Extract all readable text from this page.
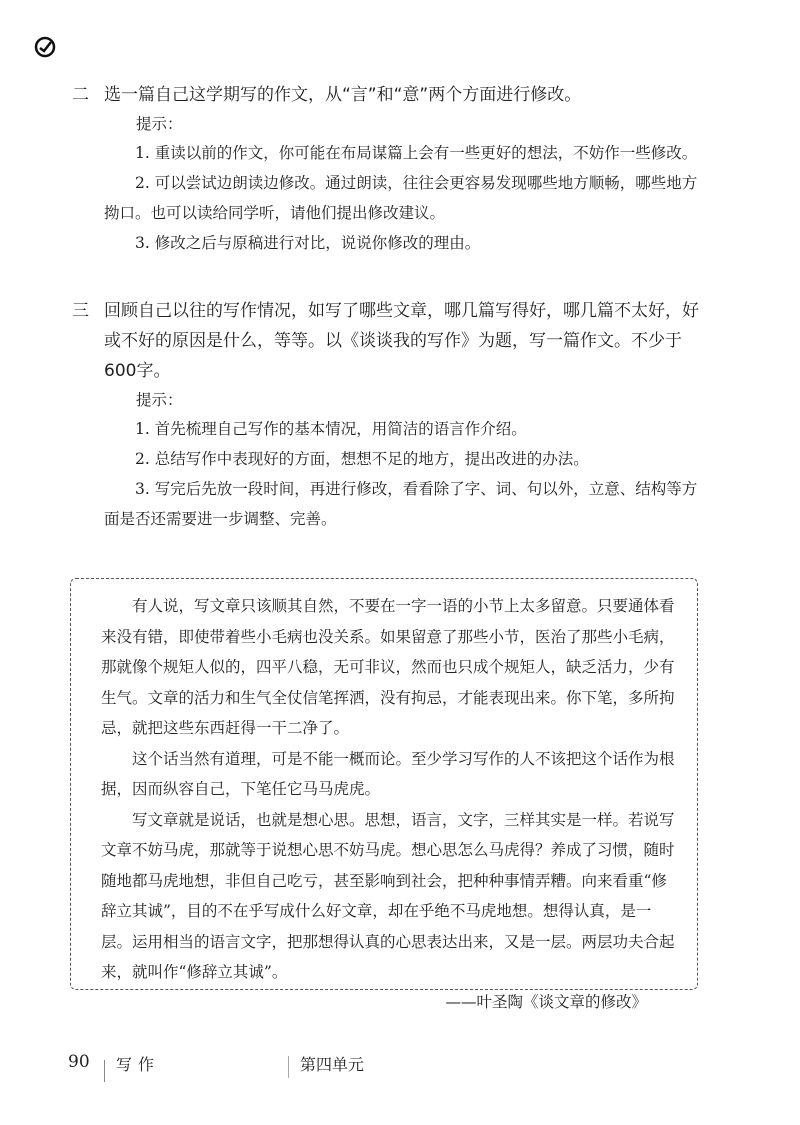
二 选一篇自己这学期写的作文，从“言”和“意”两个方面进行修改。
提示：
1. 重读以前的作文，你可能在布局谋篇上会有一些更好的想法，不妨作一些修改。
2. 可以尝试边朗读边修改。通过朗读，往往会更容易发现哪些地方顺畅，哪些地方拗口。也可以读给同学听，请他们提出修改建议。
3. 修改之后与原稿进行对比，说说你修改的理由。
三 回顾自己以往的写作情况，如写了哪些文章，哪几篇写得好，哪几篇不太好，好或不好的原因是什么，等等。以《谈谈我的写作》为题，写一篇作文。不少于600字。
提示：
1. 首先梳理自己写作的基本情况，用简洁的语言作介绍。
2. 总结写作中表现好的方面，想想不足的地方，提出改进的办法。
3. 写完后先放一段时间，再进行修改，看看除了字、词、句以外，立意、结构等方面是否还需要进一步调整、完善。

有人说，写文章只该顺其自然，不要在一字一语的小节上太多留意。只要通体看来没有错，即使带着些小毛病也没关系。如果留意了那些小节，医治了那些小毛病，那就像个规矩人似的，四平八稳，无可非议，然而也只成个规矩人，缺乏活力，少有生气。文章的活力和生气全仗信笔挥洒，没有拘忌，才能表现出来。你下笔，多所拘忌，就把这些东西赶得一干二净了。

这个话当然有道理，可是不能一概而论。至少学习写作的人不该把这个话作为根据，因而纵容自己，下笔任它马马虎虎。

写文章就是说话，也就是想心思。思想，语言，文字，三样其实是一样。若说写文章不妨马虎，那就等于说想心思不妨马虎。想心思怎么马虎得？养成了习惯，随时随地都马虎地想，非但自己吃亏，甚至影响到社会，把种种事情弄糟。向来看重“修辞立其诚”，目的不在乎写成什么好文章，却在乎绝不马虎地想。想得认真，是一层。运用相当的语言文字，把那想得认真的心思表达出来，又是一层。两层功夫合起来，就叫作“修辞立其诚”。

——叶圣陶《谈文章的修改》
90 写作	第四单元
